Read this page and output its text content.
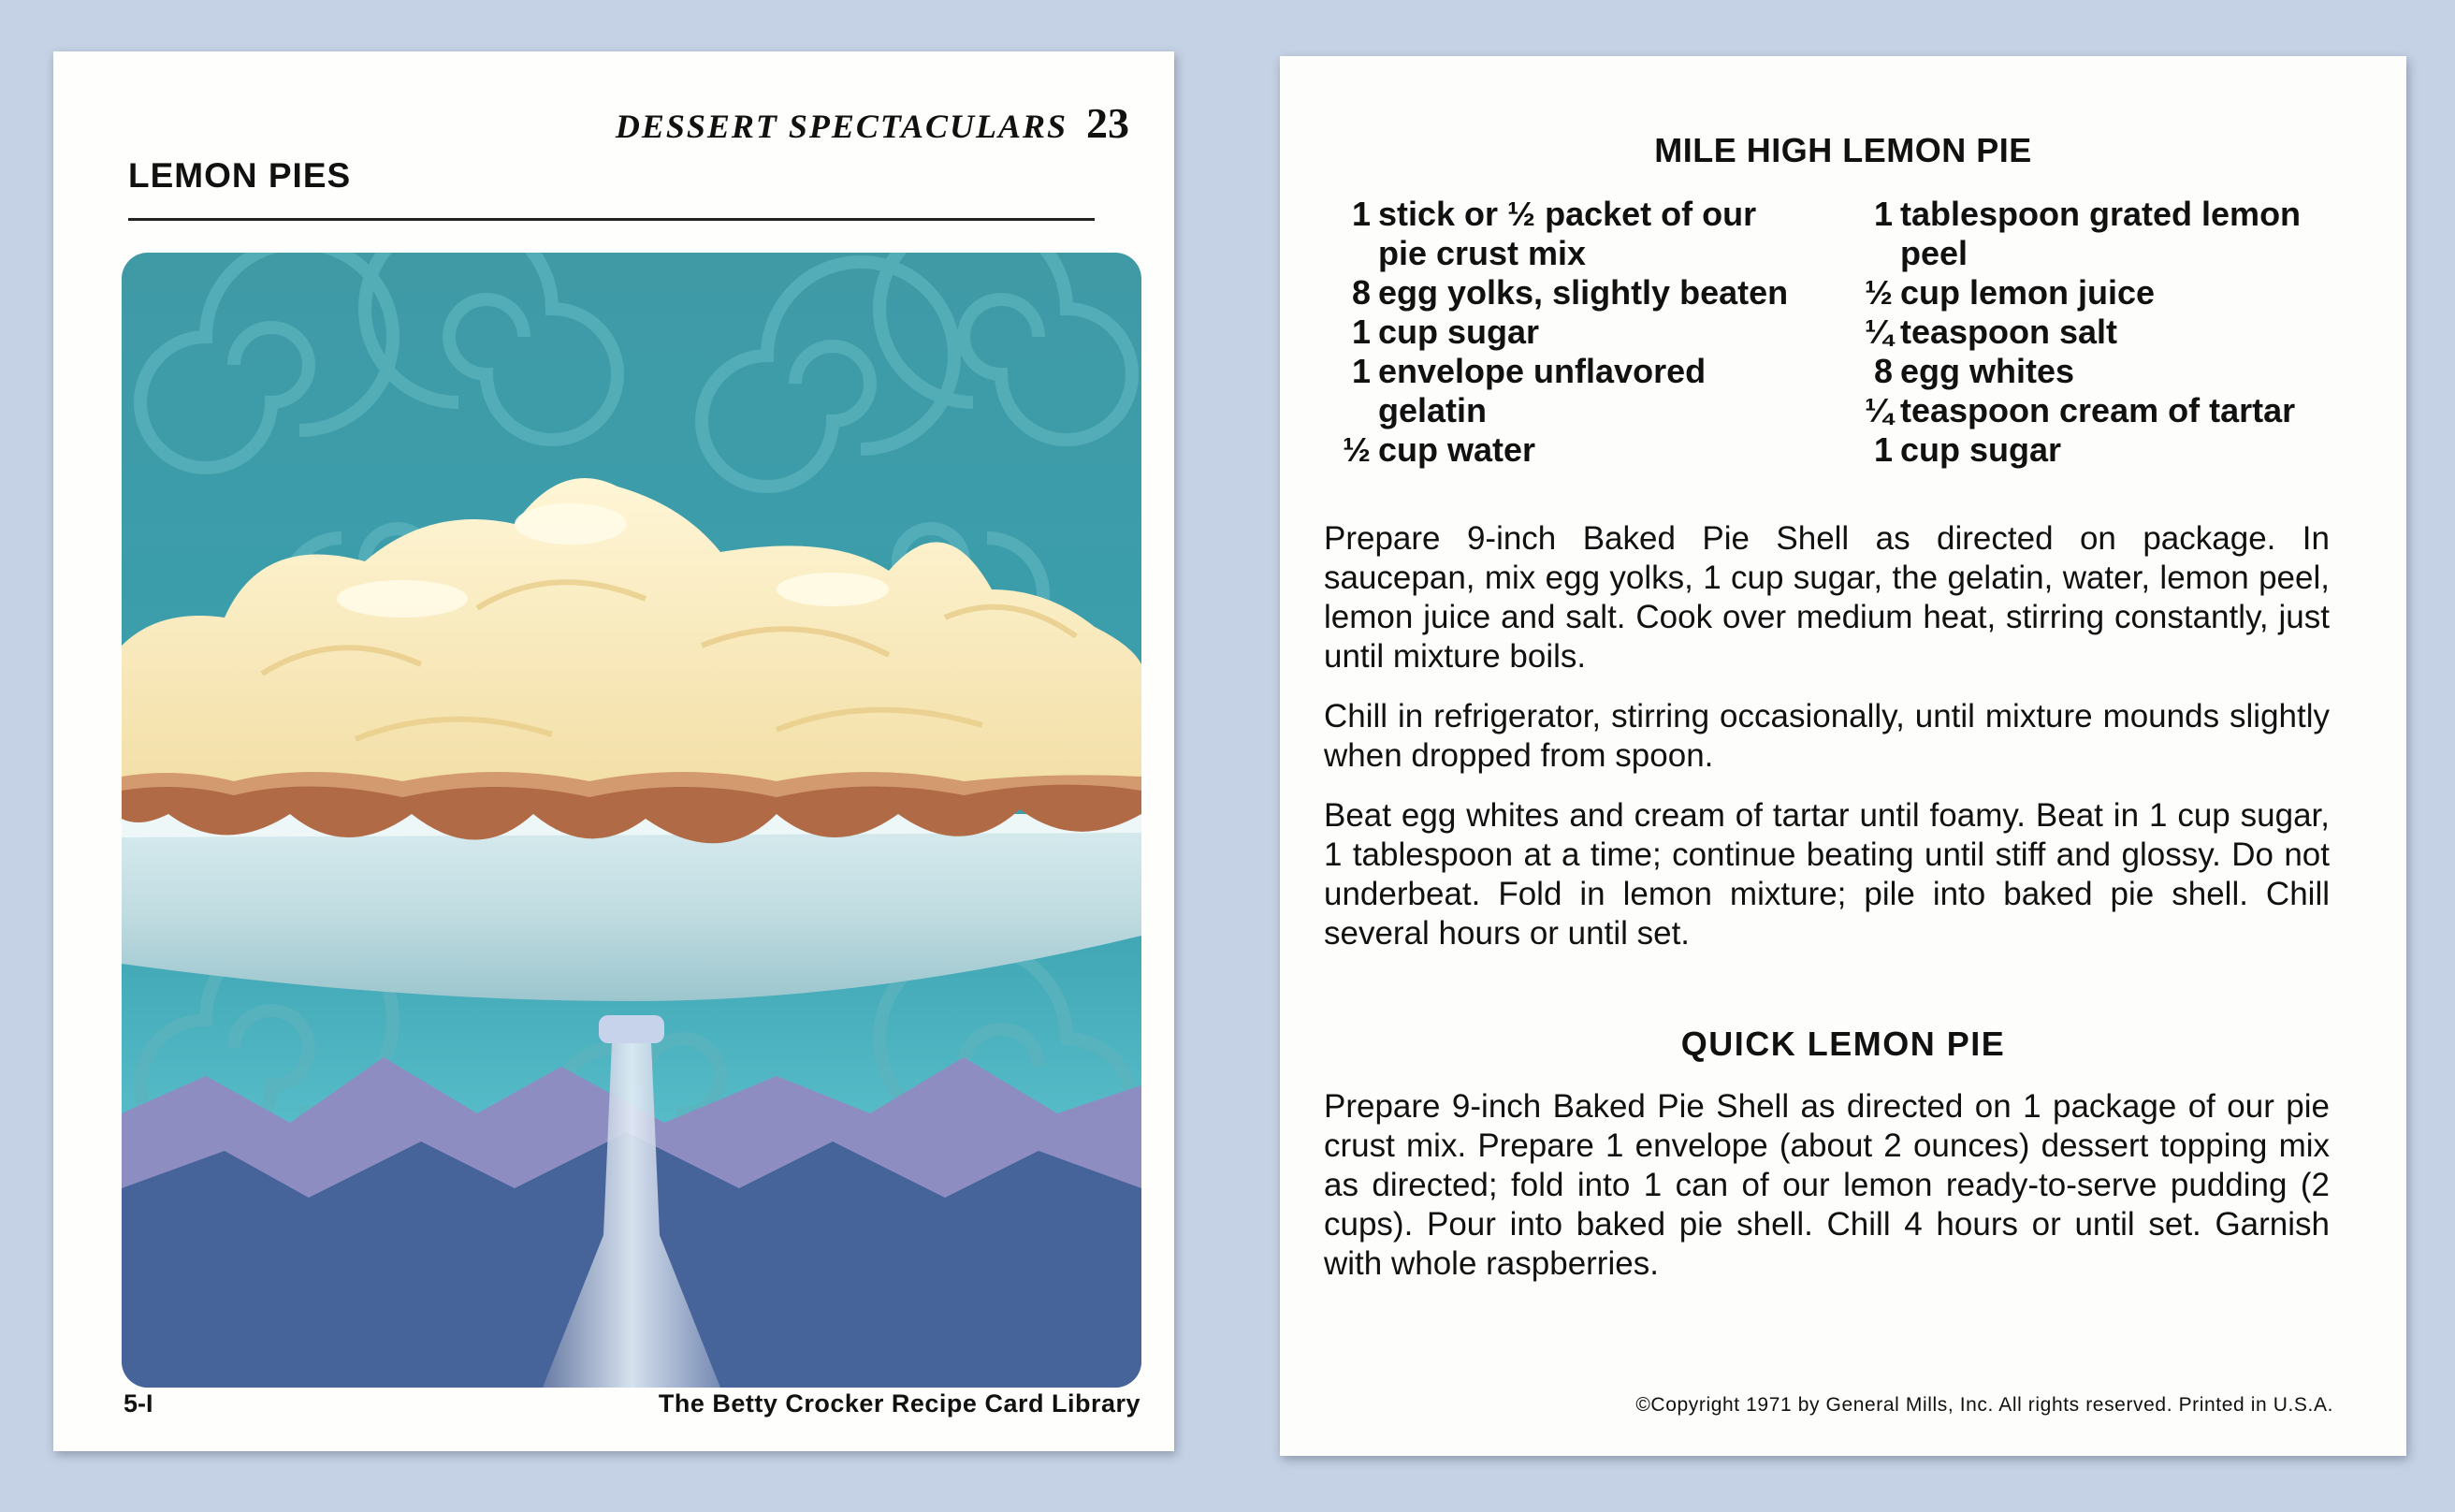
DESSERT SPECTACULARS 23
LEMON PIES
5-I	The Betty Crocker Recipe Card Library
MILE HIGH LEMON PIE
1 stick or ½ packet of our pie crust mix
8 egg yolks, slightly beaten
1 cup sugar
1 envelope unflavored gelatin
½ cup water
1 tablespoon grated lemon peel
½ cup lemon juice
¼ teaspoon salt
8 egg whites
¼ teaspoon cream of tartar
1 cup sugar

Prepare 9-inch Baked Pie Shell as directed on package. In saucepan, mix egg yolks, 1 cup sugar, the gelatin, water, lemon peel, lemon juice and salt. Cook over medium heat, stirring constantly, just until mixture boils.

Chill in refrigerator, stirring occasionally, until mixture mounds slightly when dropped from spoon.

Beat egg whites and cream of tartar until foamy. Beat in 1 cup sugar, 1 tablespoon at a time; continue beating until stiff and glossy. Do not underbeat. Fold in lemon mixture; pile into baked pie shell. Chill several hours or until set.

QUICK LEMON PIE

Prepare 9-inch Baked Pie Shell as directed on 1 package of our pie crust mix. Prepare 1 envelope (about 2 ounces) dessert topping mix as directed; fold into 1 can of our lemon ready-to-serve pudding (2 cups). Pour into baked pie shell. Chill 4 hours or until set. Garnish with whole raspberries.

©Copyright 1971 by General Mills, Inc. All rights reserved. Printed in U.S.A.
